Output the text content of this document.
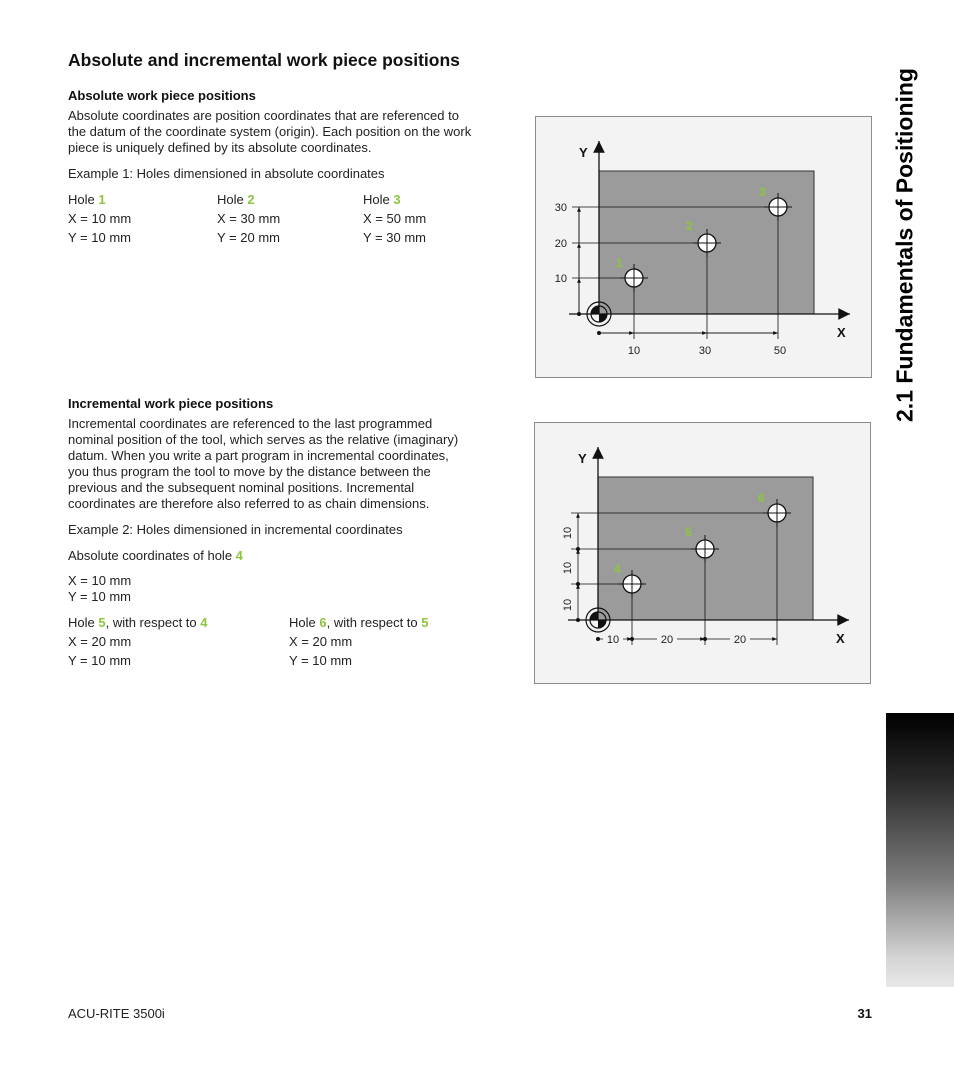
Absolute and incremental work piece positions
Absolute work piece positions
Absolute coordinates are position coordinates that are referenced to
the datum of the coordinate system (origin). Each position on the work
piece is uniquely defined by its absolute coordinates.
Example 1: Holes dimensioned in absolute coordinates
Hole 1
X = 10 mm
Y = 10 mm
Hole 2
X = 30 mm
Y = 20 mm
Hole 3
X = 50 mm
Y = 30 mm
Y
X
30
20
10
10	30	50
1
2
3
Incremental work piece positions
Incremental coordinates are referenced to the last programmed
nominal position of the tool, which serves as the relative (imaginary)
datum. When you write a part program in incremental coordinates,
you thus program the tool to move by the distance between the
previous and the subsequent nominal positions. Incremental
coordinates are therefore also referred to as chain dimensions.
Example 2: Holes dimensioned in incremental coordinates
Absolute coordinates of hole 4
X = 10 mm
Y = 10 mm
Hole 5, with respect to 4
X = 20 mm
Y = 10 mm
Hole 6, with respect to 5
X = 20 mm
Y = 10 mm
Y
X
10
10
10
10	20	20
4
5
6
2.1 Fundamentals of Positioning
ACU-RITE 3500i	31
